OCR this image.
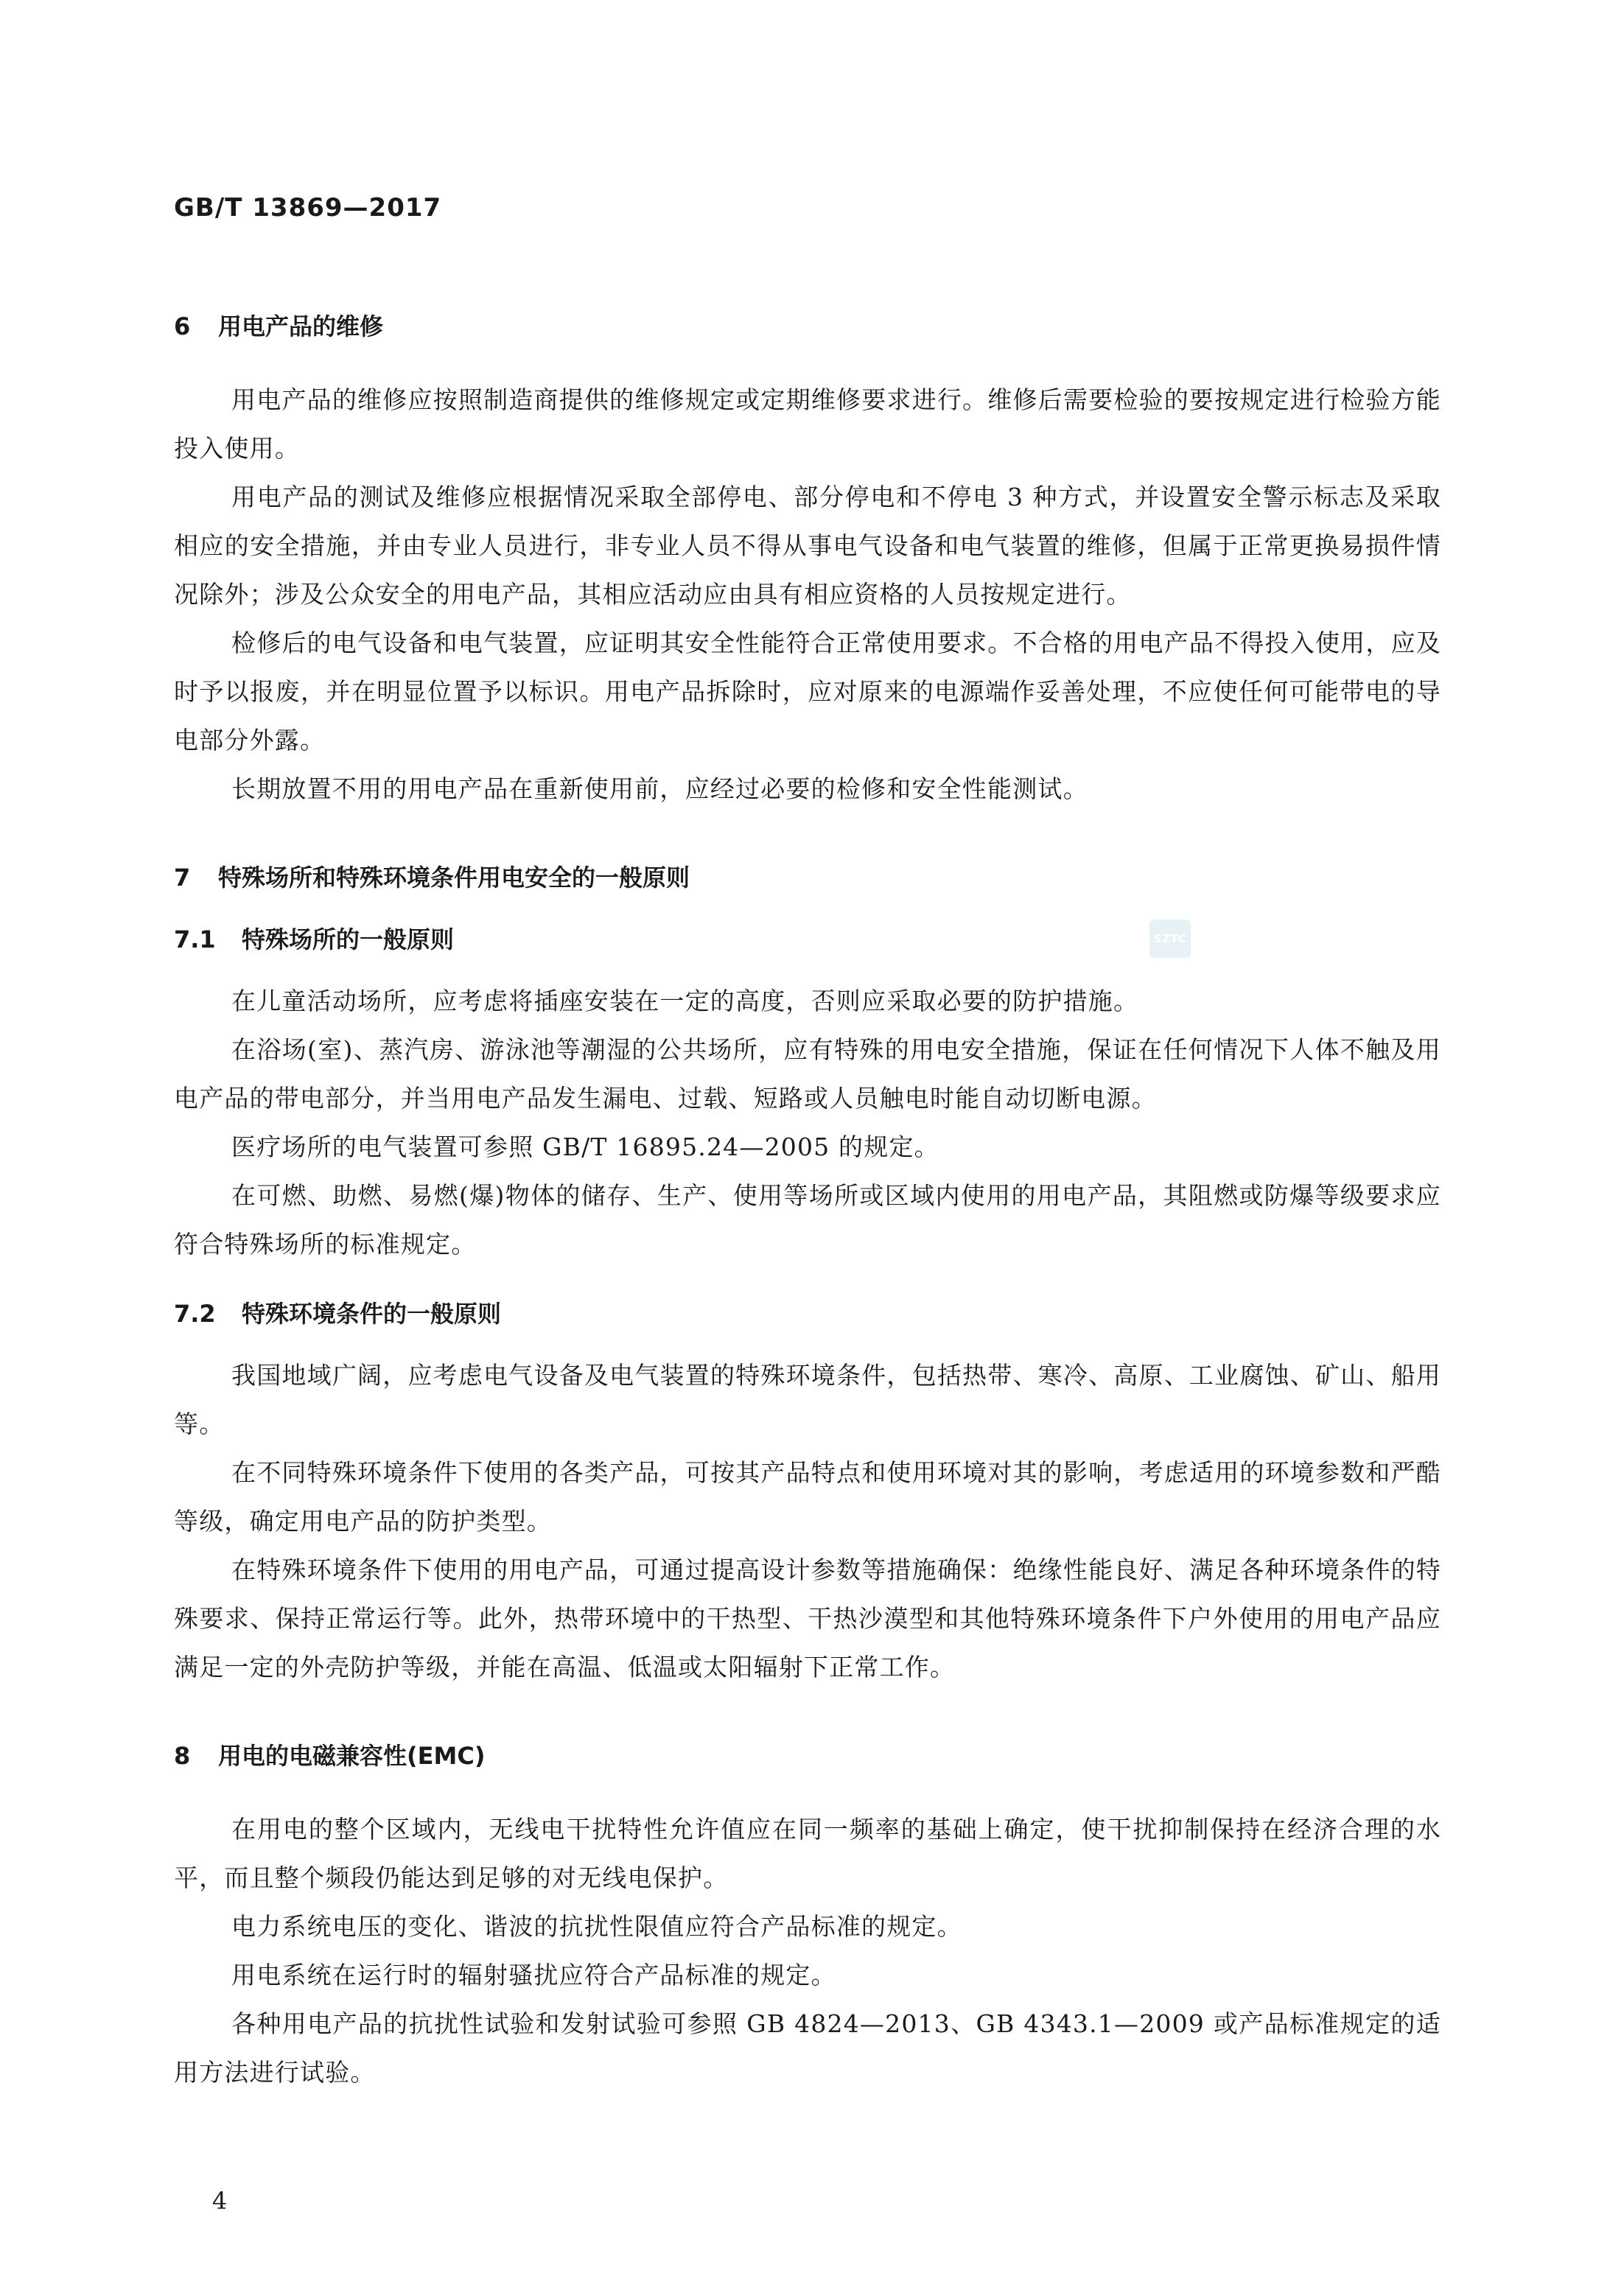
GB/T 13869—2017
SZTC
6 用电产品的维修

用电产品的维修应按照制造商提供的维修规定或定期维修要求进行。维修后需要检验的要按规定进行检验方能投入使用。

用电产品的测试及维修应根据情况采取全部停电、部分停电和不停电 3 种方式，并设置安全警示标志及采取相应的安全措施，并由专业人员进行，非专业人员不得从事电气设备和电气装置的维修，但属于正常更换易损件情况除外；涉及公众安全的用电产品，其相应活动应由具有相应资格的人员按规定进行。

检修后的电气设备和电气装置，应证明其安全性能符合正常使用要求。不合格的用电产品不得投入使用，应及时予以报废，并在明显位置予以标识。用电产品拆除时，应对原来的电源端作妥善处理，不应使任何可能带电的导电部分外露。

长期放置不用的用电产品在重新使用前，应经过必要的检修和安全性能测试。

7 特殊场所和特殊环境条件用电安全的一般原则
7.1 特殊场所的一般原则

在儿童活动场所，应考虑将插座安装在一定的高度，否则应采取必要的防护措施。

在浴场(室)、蒸汽房、游泳池等潮湿的公共场所，应有特殊的用电安全措施，保证在任何情况下人体不触及用电产品的带电部分，并当用电产品发生漏电、过载、短路或人员触电时能自动切断电源。

医疗场所的电气装置可参照 GB/T 16895.24—2005 的规定。

在可燃、助燃、易燃(爆)物体的储存、生产、使用等场所或区域内使用的用电产品，其阻燃或防爆等级要求应符合特殊场所的标准规定。

7.2 特殊环境条件的一般原则

我国地域广阔，应考虑电气设备及电气装置的特殊环境条件，包括热带、寒冷、高原、工业腐蚀、矿山、船用等。

在不同特殊环境条件下使用的各类产品，可按其产品特点和使用环境对其的影响，考虑适用的环境参数和严酷等级，确定用电产品的防护类型。

在特殊环境条件下使用的用电产品，可通过提高设计参数等措施确保：绝缘性能良好、满足各种环境条件的特殊要求、保持正常运行等。此外，热带环境中的干热型、干热沙漠型和其他特殊环境条件下户外使用的用电产品应满足一定的外壳防护等级，并能在高温、低温或太阳辐射下正常工作。

8 用电的电磁兼容性(EMC)

在用电的整个区域内，无线电干扰特性允许值应在同一频率的基础上确定，使干扰抑制保持在经济合理的水平，而且整个频段仍能达到足够的对无线电保护。

电力系统电压的变化、谐波的抗扰性限值应符合产品标准的规定。

用电系统在运行时的辐射骚扰应符合产品标准的规定。

各种用电产品的抗扰性试验和发射试验可参照 GB 4824—2013、GB 4343.1—2009 或产品标准规定的适用方法进行试验。

4
